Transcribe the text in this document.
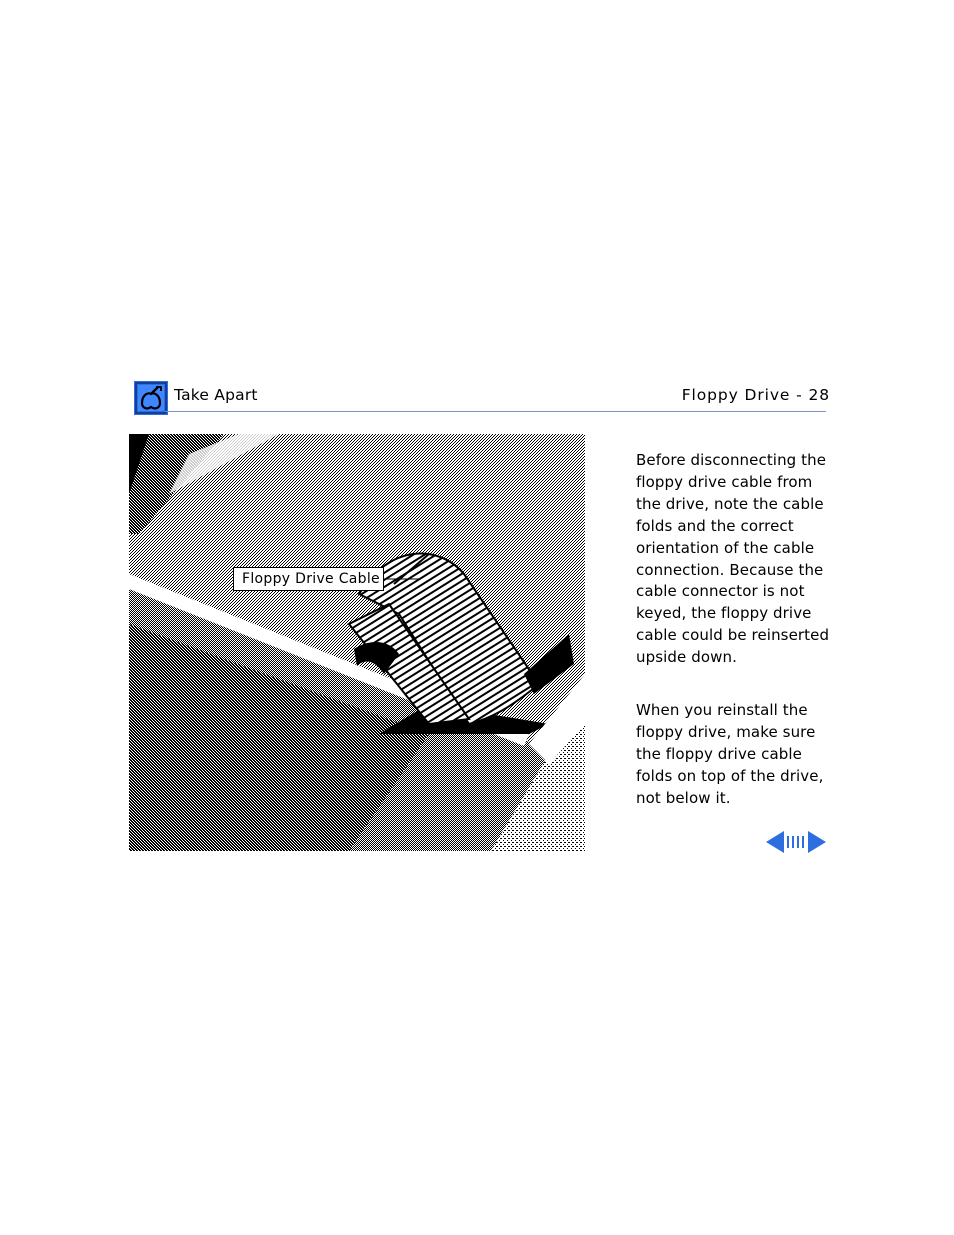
Take Apart	Floppy Drive - 28
Floppy Drive Cable

Before disconnecting the floppy drive cable from the drive, note the cable folds and the correct orientation of the cable connection. Because the cable connector is not keyed, the floppy drive cable could be reinserted upside down.

When you reinstall the floppy drive, make sure the floppy drive cable folds on top of the drive, not below it.
